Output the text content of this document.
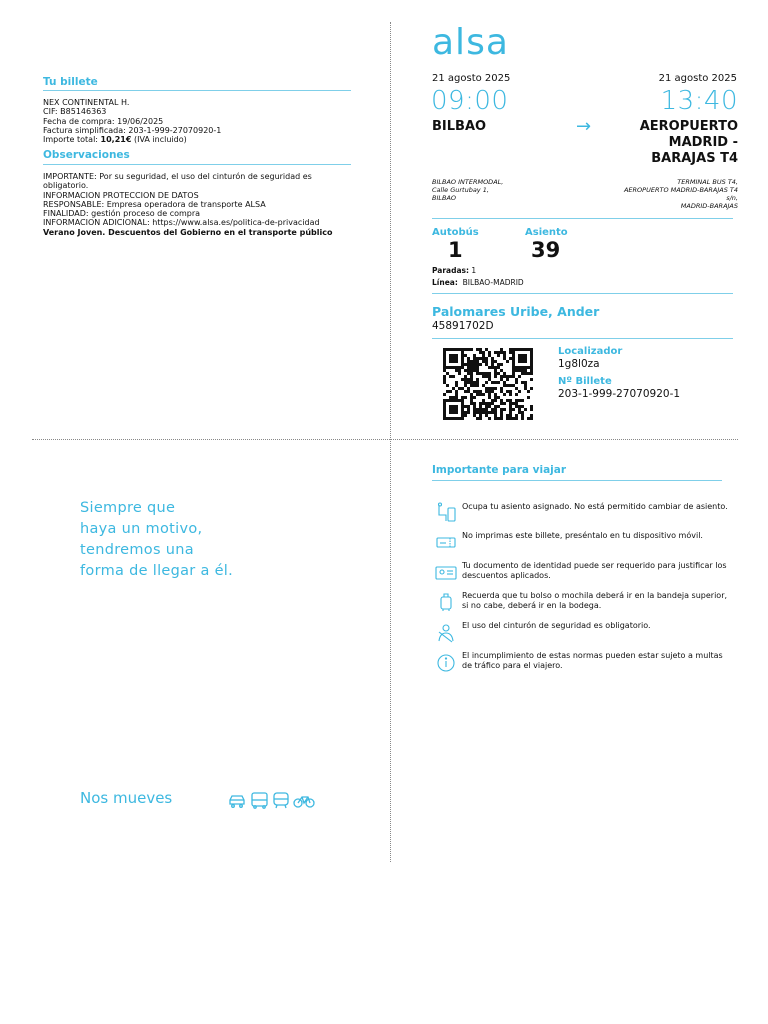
Tu billete
NEX CONTINENTAL H.
CIF: B85146363
Fecha de compra: 19/06/2025
Factura simplificada: 203-1-999-27070920-1
Importe total: 10,21€ (IVA incluido)
Observaciones
IMPORTANTE: Por su seguridad, el uso del cinturón de seguridad es
obligatorio.
INFORMACION PROTECCION DE DATOS
RESPONSABLE: Empresa operadora de transporte ALSA
FINALIDAD: gestión proceso de compra
INFORMACION ADICIONAL: https://www.alsa.es/politica-de-privacidad
Verano Joven. Descuentos del Gobierno en el transporte público
alsa
21 agosto 2025	21 agosto 2025
09:00	13:40
BILBAO	→	AEROPUERTO
MADRID -
BARAJAS T4
BILBAO INTERMODAL,
Calle Gurtubay 1,
BILBAO
TERMINAL BUS T4,
AEROPUERTO MADRID-BARAJAS T4
s/n,
MADRID-BARAJAS
Autobús	Asiento
1	39
Paradas: 1
Línea: BILBAO-MADRID
Palomares Uribe, Ander
45891702D
Localizador
1g8l0za
Nº Billete
203-1-999-27070920-1
Siempre que
haya un motivo,
tendremos una
forma de llegar a él.
Nos mueves
Importante para viajar
Ocupa tu asiento asignado. No está permitido cambiar de asiento.
No imprimas este billete, preséntalo en tu dispositivo móvil.
Tu documento de identidad puede ser requerido para justificar los descuentos aplicados.
Recuerda que tu bolso o mochila deberá ir en la bandeja superior, si no cabe, deberá ir en la bodega.
El uso del cinturón de seguridad es obligatorio.
El incumplimiento de estas normas pueden estar sujeto a multas de tráfico para el viajero.
